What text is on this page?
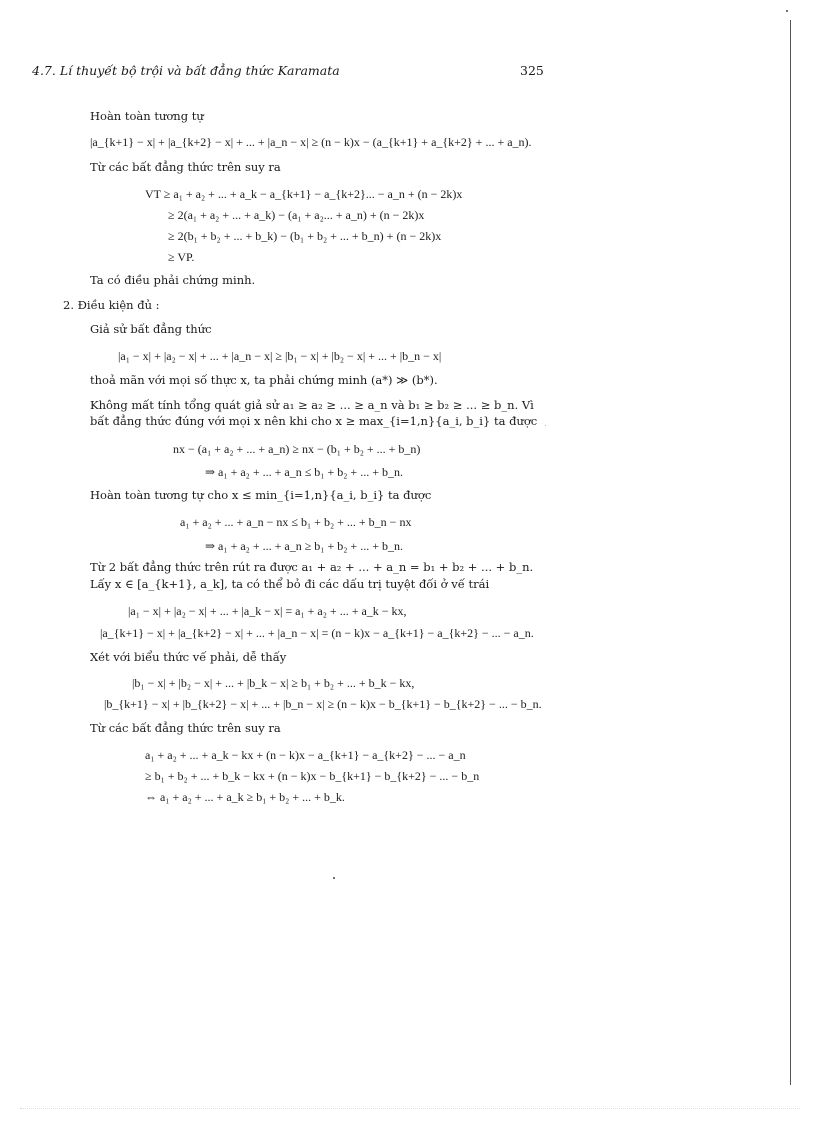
4.7. Lí thuyết bộ trội và bất đẳng thức Karamata	325
Hoàn toàn tương tự
|a_{k+1} − x| + |a_{k+2} − x| + ... + |a_n − x| ≥ (n − k)x − (a_{k+1} + a_{k+2} + ... + a_n).
Từ các bất đẳng thức trên suy ra
VT ≥ a₁ + a₂ + ... + a_k − a_{k+1} − a_{k+2}... − a_n + (n − 2k)x
≥ 2(a₁ + a₂ + ... + a_k) − (a₁ + a₂... + a_n) + (n − 2k)x
≥ 2(b₁ + b₂ + ... + b_k) − (b₁ + b₂ + ... + b_n) + (n − 2k)x
≥ VP.
Ta có điều phải chứng minh.
2. Điều kiện đủ :
Giả sử bất đẳng thức
|a₁ − x| + |a₂ − x| + ... + |a_n − x| ≥ |b₁ − x| + |b₂ − x| + ... + |b_n − x|
thoả mãn với mọi số thực x, ta phải chứng minh (a*) ≫ (b*).
Không mất tính tổng quát giả sử a₁ ≥ a₂ ≥ ... ≥ a_n và b₁ ≥ b₂ ≥ ... ≥ b_n. Vì
bất đẳng thức đúng với mọi x nên khi cho x ≥ max_{i=1,n}{a_i, b_i} ta được
nx − (a₁ + a₂ + ... + a_n) ≥ nx − (b₁ + b₂ + ... + b_n)
⇒ a₁ + a₂ + ... + a_n ≤ b₁ + b₂ + ... + b_n.
Hoàn toàn tương tự cho x ≤ min_{i=1,n}{a_i, b_i} ta được
a₁ + a₂ + ... + a_n − nx ≤ b₁ + b₂ + ... + b_n − nx
⇒ a₁ + a₂ + ... + a_n ≥ b₁ + b₂ + ... + b_n.
Từ 2 bất đẳng thức trên rút ra được a₁ + a₂ + ... + a_n = b₁ + b₂ + ... + b_n.
Lấy x ∈ [a_{k+1}, a_k], ta có thể bỏ đi các dấu trị tuyệt đối ở vế trái
|a₁ − x| + |a₂ − x| + ... + |a_k − x| = a₁ + a₂ + ... + a_k − kx,
|a_{k+1} − x| + |a_{k+2} − x| + ... + |a_n − x| = (n − k)x − a_{k+1} − a_{k+2} − ... − a_n.
Xét với biểu thức vế phải, dễ thấy
|b₁ − x| + |b₂ − x| + ... + |b_k − x| ≥ b₁ + b₂ + ... + b_k − kx,
|b_{k+1} − x| + |b_{k+2} − x| + ... + |b_n − x| ≥ (n − k)x − b_{k+1} − b_{k+2} − ... − b_n.
Từ các bất đẳng thức trên suy ra
a₁ + a₂ + ... + a_k − kx + (n − k)x − a_{k+1} − a_{k+2} − ... − a_n
≥ b₁ + b₂ + ... + b_k − kx + (n − k)x − b_{k+1} − b_{k+2} − ... − b_n
⇔ a₁ + a₂ + ... + a_k ≥ b₁ + b₂ + ... + b_k.
